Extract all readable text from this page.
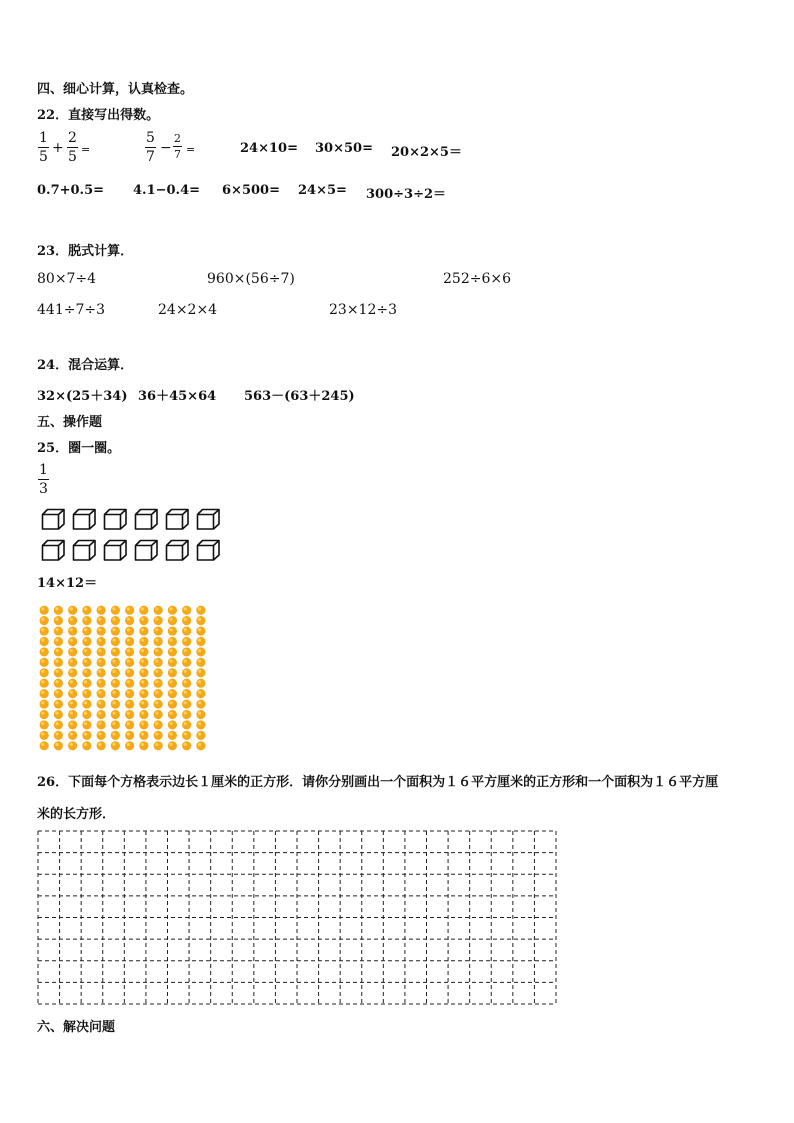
四、细心计算，认真检查。
22．直接写出得数。
1
5
+
2
5 =
5
7
−
2
7 =	24×10= 30×50= 20×2×5＝
0.7+0.5= 4.1−0.4= 6×500= 24×5= 300÷3÷2＝
23．脱式计算．
80×7÷4	960×(56÷7)	252÷6×6
441÷7÷3	24×2×4	23×12÷3
24．混合运算．
32×(25＋34) 36＋45×64 563－(63＋245)
五、操作题
25．圈一圈。
1
3
14×12＝
26．下面每个方格表示边长１厘米的正方形．请你分别画出一个面积为１６平方厘米的正方形和一个面积为１６平方厘
米的长方形．
六、解决问题
